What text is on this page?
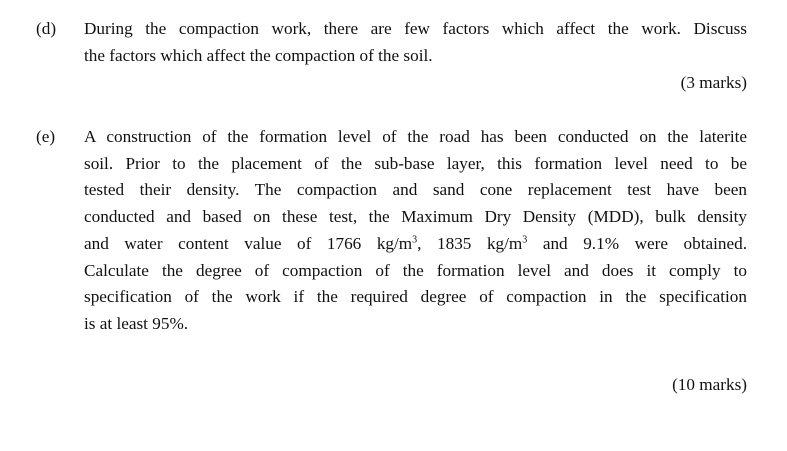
(d) During the compaction work, there are few factors which affect the work. Discuss
the factors which affect the compaction of the soil.
(3 marks)
(e) A construction of the formation level of the road has been conducted on the laterite
soil. Prior to the placement of the sub-base layer, this formation level need to be
tested their density. The compaction and sand cone replacement test have been
conducted and based on these test, the Maximum Dry Density (MDD), bulk density
and water content value of 1766 $kg/m^3$, 1835 $kg/m^3$ and 9.1% were obtained.
Calculate the degree of compaction of the formation level and does it comply to
specification of the work if the required degree of compaction in the specification
is at least 95%.
(10 marks)
